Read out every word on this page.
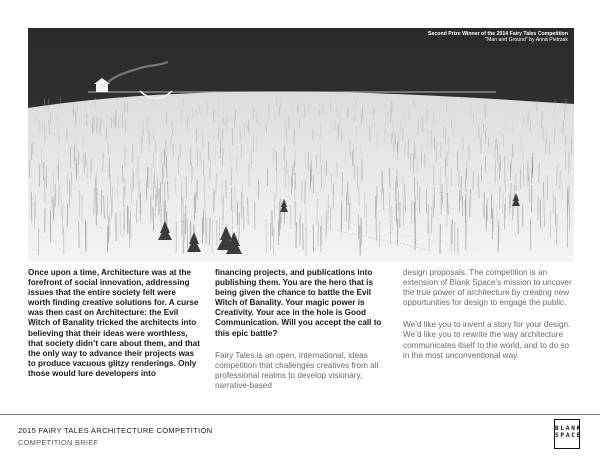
Second Prize Winner of the 2014 Fairy Tales Competition
“Man and Ground” by Anna Pietrzak

Once upon a time, Architecture was at the forefront of social innovation, addressing issues that the entire society felt were worth finding creative solutions for. A curse was then cast on Architecture: the Evil Witch of Banality tricked the architects into believing that their ideas were worthless, that society didn’t care about them, and that the only way to advance their projects was to produce vacuous glitzy renderings. Only those would lure developers into

financing projects, and publications into publishing them. You are the hero that is being given the chance to battle the Evil Witch of Banality. Your magic power is Creativity. Your ace in the hole is Good Communication. Will you accept the call to this epic battle?

Fairy Tales is an open, international, ideas competition that challenges creatives from all professional realms to develop visionary, narrative-based

design proposals. The competition is an extension of Blank Space’s mission to uncover the true power of architecture by creating new opportunities for design to engage the public.

We’d like you to invent a story for your design. We’d like you to rewrite the way architecture communicates itself to the world, and to do so in the most unconventional way.

2015 FAIRY TALES ARCHITECTURE COMPETITION
COMPETITION BRIEF
BLANK
SPACE
